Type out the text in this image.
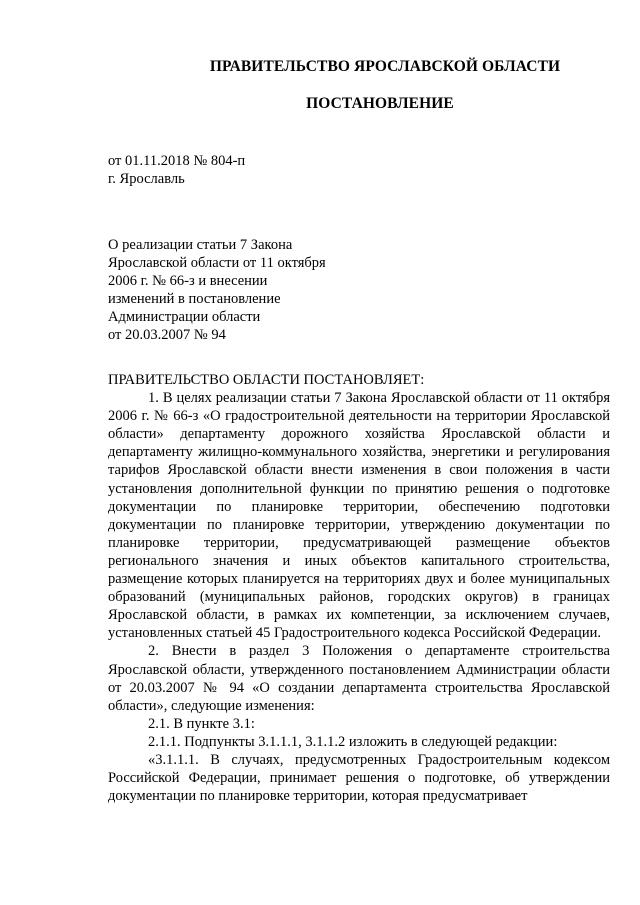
ПРАВИТЕЛЬСТВО ЯРОСЛАВСКОЙ ОБЛАСТИ
ПОСТАНОВЛЕНИЕ
от 01.11.2018 № 804-п
г. Ярославль
О реализации статьи 7 Закона
Ярославской области от 11 октября
2006 г. № 66-з и внесении
изменений в постановление
Администрации области
от 20.03.2007 № 94

ПРАВИТЕЛЬСТВО ОБЛАСТИ ПОСТАНОВЛЯЕТ:

1. В целях реализации статьи 7 Закона Ярославской области от 11 октября 2006 г. № 66-з «О градостроительной деятельности на территории Ярославской области» департаменту дорожного хозяйства Ярославской области и департаменту жилищно-коммунального хозяйства, энергетики и регулирования тарифов Ярославской области внести изменения в свои положения в части установления дополнительной функции по принятию решения о подготовке документации по планировке территории, обеспечению подготовки документации по планировке территории, утверждению документации по планировке территории, предусматривающей размещение объектов регионального значения и иных объектов капитального строительства, размещение которых планируется на территориях двух и более муниципальных образований (муниципальных районов, городских округов) в границах Ярославской области, в рамках их компетенции, за исключением случаев, установленных статьей 45 Градостроительного кодекса Российской Федерации.

2. Внести в раздел 3 Положения о департаменте строительства Ярославской области, утвержденного постановлением Администрации области от 20.03.2007 № 94 «О создании департамента строительства Ярославской области», следующие изменения:

2.1. В пункте 3.1:

2.1.1. Подпункты 3.1.1.1, 3.1.1.2 изложить в следующей редакции:

«3.1.1.1. В случаях, предусмотренных Градостроительным кодексом Российской Федерации, принимает решения о подготовке, об утверждении документации по планировке территории, которая предусматривает
